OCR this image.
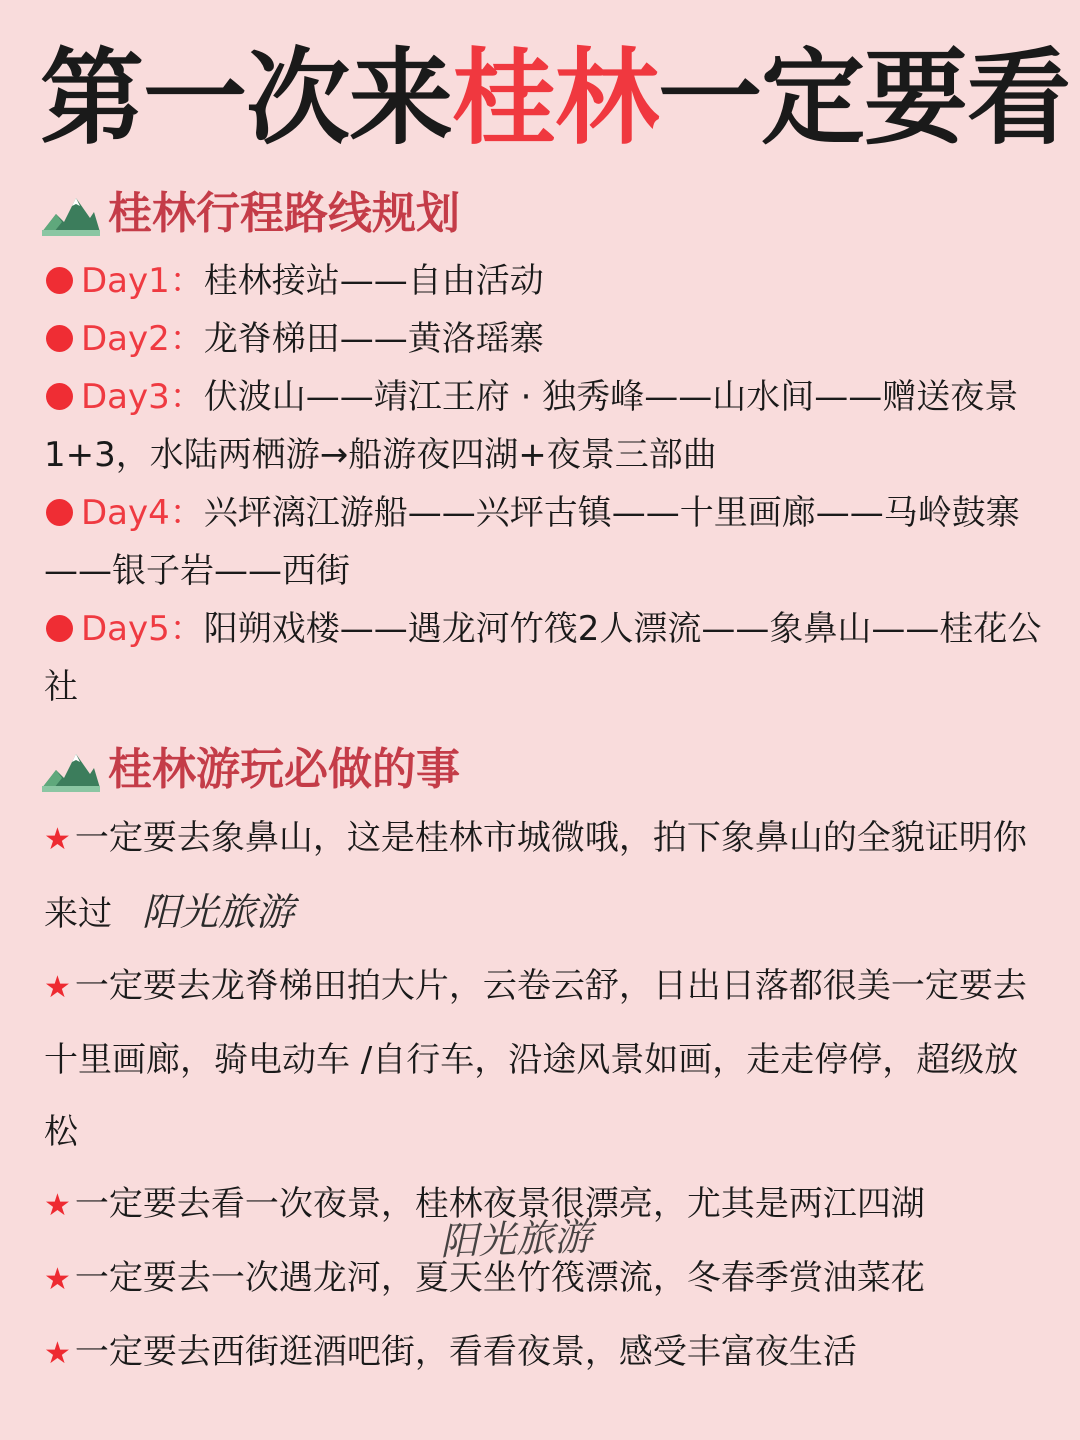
第一次来桂林一定要看
桂林行程路线规划

Day1：桂林接站——自由活动

Day2：龙脊梯田——黄洛瑶寨

Day3：伏波山——靖江王府 · 独秀峰——山水间——赠送夜景1+3，水陆两栖游→船游夜四湖+夜景三部曲

Day4：兴坪漓江游船——兴坪古镇——十里画廊——马岭鼓寨——银子岩——西街

Day5：阳朔戏楼——遇龙河竹筏2人漂流——象鼻山——桂花公社

桂林游玩必做的事

★ 一定要去象鼻山，这是桂林市城微哦，拍下象鼻山的全貌证明你来过 阳光旅游

★ 一定要去龙脊梯田拍大片，云卷云舒，日出日落都很美一定要去十里画廊，骑电动车 /自行车，沿途风景如画，走走停停，超级放松

★ 一定要去看一次夜景，桂林夜景很漂亮，尤其是两江四湖

★ 一定要去一次遇龙河，夏天坐竹筏漂流，冬春季赏油菜花

★ 一定要去西街逛酒吧街，看看夜景，感受丰富夜生活

阳光旅游
